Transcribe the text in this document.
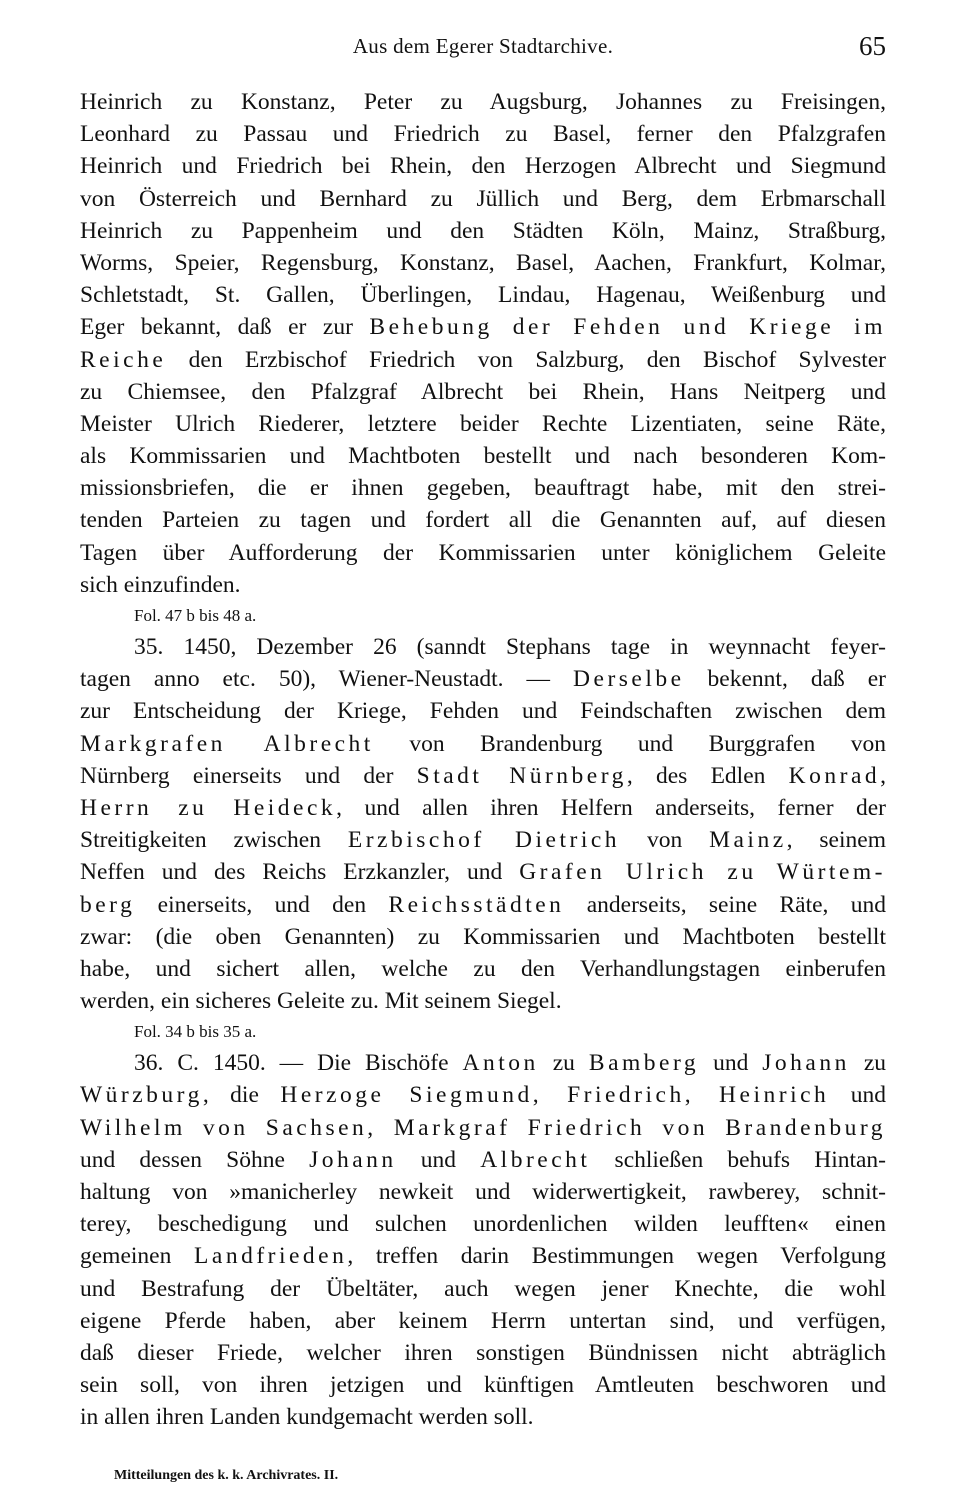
Aus dem Egerer Stadtarchive.	65
Heinrich zu Konstanz, Peter zu Augsburg, Johannes zu Freisingen,
Leonhard zu Passau und Friedrich zu Basel, ferner den Pfalzgrafen
Heinrich und Friedrich bei Rhein, den Herzogen Albrecht und Siegmund
von Österreich und Bernhard zu Jüllich und Berg, dem Erbmarschall
Heinrich zu Pappenheim und den Städten Köln, Mainz, Straßburg,
Worms, Speier, Regensburg, Konstanz, Basel, Aachen, Frankfurt, Kolmar,
Schletstadt, St. Gallen, Überlingen, Lindau, Hagenau, Weißenburg und
Eger bekannt, daß er zur Behebung der Fehden und Kriege im
Reiche den Erzbischof Friedrich von Salzburg, den Bischof Sylvester
zu Chiemsee, den Pfalzgraf Albrecht bei Rhein, Hans Neitperg und
Meister Ulrich Riederer, letztere beider Rechte Lizentiaten, seine Räte,
als Kommissarien und Machtboten bestellt und nach besonderen Kom-
missionsbriefen, die er ihnen gegeben, beauftragt habe, mit den strei-
tenden Parteien zu tagen und fordert all die Genannten auf, auf diesen
Tagen über Aufforderung der Kommissarien unter königlichem Geleite
sich einzufinden.
Fol. 47 b bis 48 a.
35. 1450, Dezember 26 (sanndt Stephans tage in weynnacht feyer-
tagen anno etc. 50), Wiener-Neustadt. — Derselbe bekennt, daß er
zur Entscheidung der Kriege, Fehden und Feindschaften zwischen dem
Markgrafen Albrecht von Brandenburg und Burggrafen von
Nürnberg einerseits und der Stadt Nürnberg, des Edlen Konrad,
Herrn zu Heideck, und allen ihren Helfern anderseits, ferner der
Streitigkeiten zwischen Erzbischof Dietrich von Mainz, seinem
Neffen und des Reichs Erzkanzler, und Grafen Ulrich zu Würtem-
berg einerseits, und den Reichsstädten anderseits, seine Räte, und
zwar: (die oben Genannten) zu Kommissarien und Machtboten bestellt
habe, und sichert allen, welche zu den Verhandlungstagen einberufen
werden, ein sicheres Geleite zu. Mit seinem Siegel.
Fol. 34 b bis 35 a.
36. C. 1450. — Die Bischöfe Anton zu Bamberg und Johann zu
Würzburg, die Herzoge Siegmund, Friedrich, Heinrich und
Wilhelm von Sachsen, Markgraf Friedrich von Brandenburg
und dessen Söhne Johann und Albrecht schließen behufs Hintan-
haltung von »manicherley newkeit und widerwertigkeit, rawberey, schnit-
terey, beschedigung und sulchen unordenlichen wilden leufften« einen
gemeinen Landfrieden, treffen darin Bestimmungen wegen Verfolgung
und Bestrafung der Übeltäter, auch wegen jener Knechte, die wohl
eigene Pferde haben, aber keinem Herrn untertan sind, und verfügen,
daß dieser Friede, welcher ihren sonstigen Bündnissen nicht abträglich
sein soll, von ihren jetzigen und künftigen Amtleuten beschworen und
in allen ihren Landen kundgemacht werden soll.
Mitteilungen des k. k. Archivrates. II.
